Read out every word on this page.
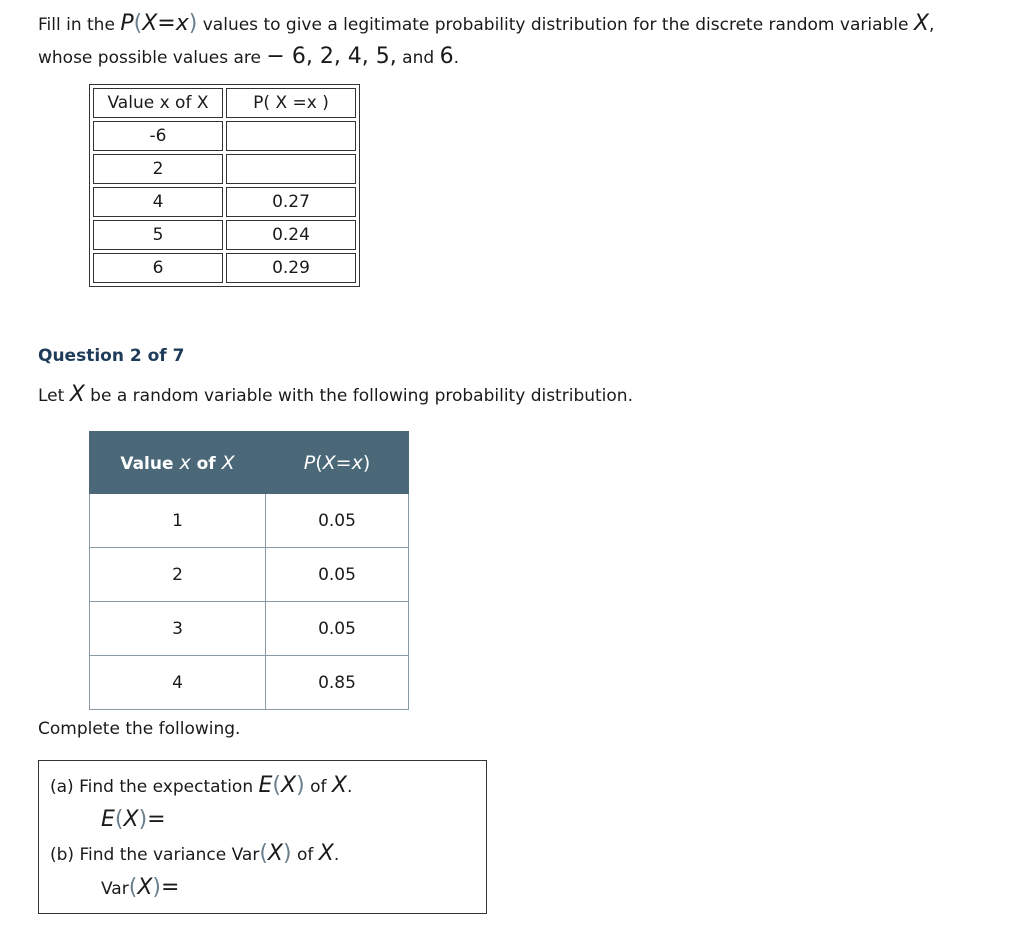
Fill in the P(X=x) values to give a legitimate probability distribution for the discrete random variable X,
whose possible values are − 6, 2, 4, 5, and 6.
Value x of X	P( X =x )
-6	
2	
4	0.27
5	0.24
6	0.29
Question 2 of 7
Let X be a random variable with the following probability distribution.
Value x of X	P(X=x)
1	0.05
2	0.05
3	0.05
4	0.85
Complete the following.
(a) Find the expectation E(X) of X.
E(X)=
(b) Find the variance Var(X) of X.
Var(X)=
